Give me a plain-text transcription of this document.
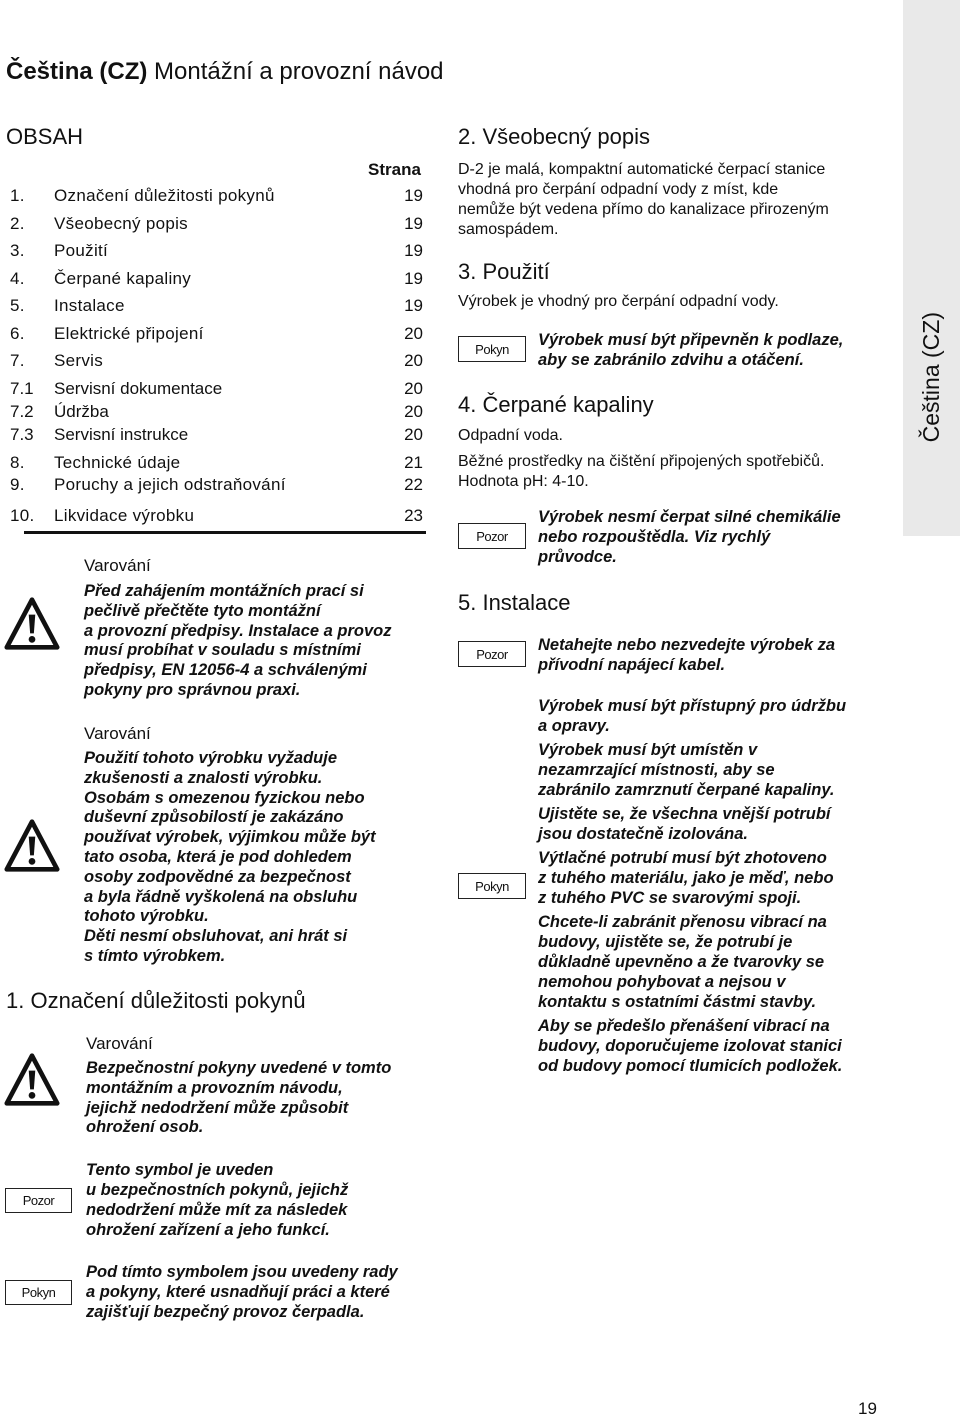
Čeština (CZ) Montážní a provozní návod
Čeština (CZ)
OBSAH
Strana
1. Označení důležitosti pokynů	19
2. Všeobecný popis	19
3. Použití	19
4. Čerpané kapaliny	19
5. Instalace	19
6. Elektrické připojení	20
7. Servis	20
7.1 Servisní dokumentace	20
7.2 Údržba	20
7.3 Servisní instrukce	20
8. Technické údaje	21
9. Poruchy a jejich odstraňování	22
10. Likvidace výrobku	23
Varování
Před zahájením montážních prací si
pečlivě přečtěte tyto montážní
a provozní předpisy. Instalace a provoz
musí probíhat v souladu s místními
předpisy, EN 12056-4 a schválenými
pokyny pro správnou praxi.
Varování
Použití tohoto výrobku vyžaduje
zkušenosti a znalosti výrobku.
Osobám s omezenou fyzickou nebo
duševní způsobilostí je zakázáno
používat výrobek, výjimkou může být
tato osoba, která je pod dohledem
osoby zodpovědné za bezpečnost
a byla řádně vyškolená na obsluhu
tohoto výrobku.
Děti nesmí obsluhovat, ani hrát si
s tímto výrobkem.
1. Označení důležitosti pokynů
Varování
Bezpečnostní pokyny uvedené v tomto
montážním a provozním návodu,
jejichž nedodržení může způsobit
ohrožení osob.
Pozor
Tento symbol je uveden
u bezpečnostních pokynů, jejichž
nedodržení může mít za následek
ohrožení zařízení a jeho funkcí.
Pokyn
Pod tímto symbolem jsou uvedeny rady
a pokyny, které usnadňují práci a které
zajišťují bezpečný provoz čerpadla.
2. Všeobecný popis
D-2 je malá, kompaktní automatické čerpací stanice
vhodná pro čerpání odpadní vody z míst, kde
nemůže být vedena přímo do kanalizace přirozeným
samospádem.
3. Použití
Výrobek je vhodný pro čerpání odpadní vody.
Pokyn	Výrobek musí být připevněn k podlaze,
aby se zabránilo zdvihu a otáčení.
4. Čerpané kapaliny
Odpadní voda.
Běžné prostředky na čištění připojených spotřebičů.
Hodnota pH: 4-10.
Pozor
Výrobek nesmí čerpat silné chemikálie
nebo rozpouštědla. Viz rychlý
průvodce.
5. Instalace
Pozor	Netahejte nebo nezvedejte výrobek za
přívodní napájecí kabel.
Pokyn
Výrobek musí být přístupný pro údržbu
a opravy.
Výrobek musí být umístěn v
nezamrzající místnosti, aby se
zabránilo zamrznutí čerpané kapaliny.
Ujistěte se, že všechna vnější potrubí
jsou dostatečně izolována.
Výtlačné potrubí musí být zhotoveno
z tuhého materiálu, jako je měď, nebo
z tuhého PVC se svarovými spoji.
Chcete-li zabránit přenosu vibrací na
budovy, ujistěte se, že potrubí je
důkladně upevněno a že tvarovky se
nemohou pohybovat a nejsou v
kontaktu s ostatními částmi stavby.
Aby se předešlo přenášení vibrací na
budovy, doporučujeme izolovat stanici
od budovy pomocí tlumicích podložek.
19
